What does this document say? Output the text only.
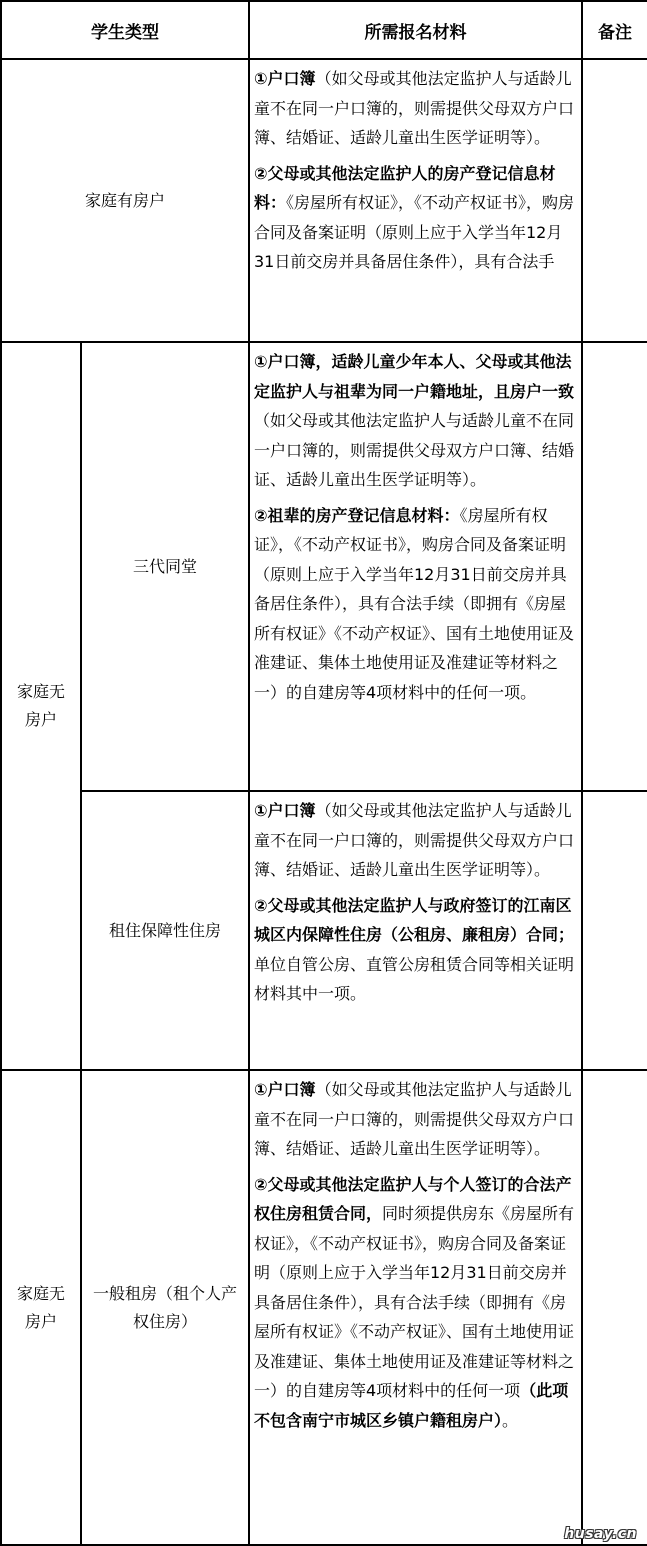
学生类型		所需报名材料	备注
家庭有房户		①户口簿（如父母或其他法定监护人与适龄儿童不在同一户口簿的，则需提供父母双方户口簿、结婚证、适龄儿童出生医学证明等）。

②父母或其他法定监护人的房产登记信息材料：《房屋所有权证》，《不动产权证书》，购房合同及备案证明（原则上应于入学当年12月31日前交房并具备居住条件），具有合法手	

家庭无房户	三代同堂	①户口簿，适龄儿童少年本人、父母或其他法定监护人与祖辈为同一户籍地址，且房户一致（如父母或其他法定监护人与适龄儿童不在同一户口簿的，则需提供父母双方户口簿、结婚证、适龄儿童出生医学证明等）。

②祖辈的房产登记信息材料：《房屋所有权证》，《不动产权证书》，购房合同及备案证明（原则上应于入学当年12月31日前交房并具备居住条件），具有合法手续（即拥有《房屋所有权证》《不动产权证》、国有土地使用证及准建证、集体土地使用证及准建证等材料之一）的自建房等4项材料中的任何一项。	

	租住保障性住房	①户口簿（如父母或其他法定监护人与适龄儿童不在同一户口簿的，则需提供父母双方户口簿、结婚证、适龄儿童出生医学证明等）。

②父母或其他法定监护人与政府签订的江南区城区内保障性住房（公租房、廉租房）合同；单位自管公房、直管公房租赁合同等相关证明材料其中一项。	

家庭无房户	一般租房（租个人产权住房）	①户口簿（如父母或其他法定监护人与适龄儿童不在同一户口簿的，则需提供父母双方户口簿、结婚证、适龄儿童出生医学证明等）。

②父母或其他法定监护人与个人签订的合法产权住房租赁合同，同时须提供房东《房屋所有权证》，《不动产权证书》，购房合同及备案证明（原则上应于入学当年12月31日前交房并具备居住条件），具有合法手续（即拥有《房屋所有权证》《不动产权证》、国有土地使用证及准建证、集体土地使用证及准建证等材料之一）的自建房等4项材料中的任何一项（此项不包含南宁市城区乡镇户籍租房户）。	

husay.cn
